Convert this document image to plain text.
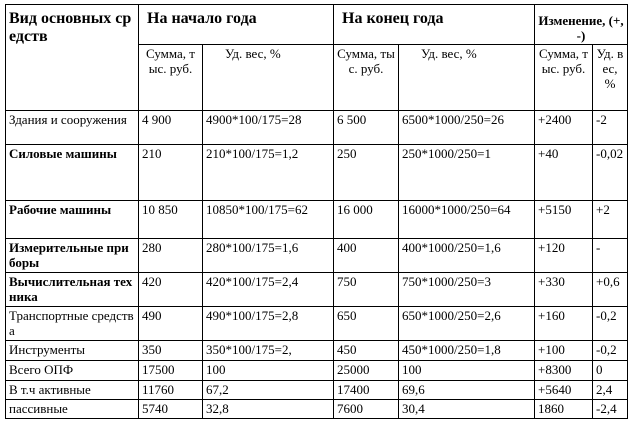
Вид основных средств	На начало года		На конец года		Изменение, (+,-)	
	Сумма, тыс. руб.	Уд. вес, %	Сумма, тыс. руб.	Уд. вес, %	Сумма, тыс. руб.	Уд. вес, %
Здания и сооружения	4 900	4900*100/175=28	6 500	6500*1000/250=26	+2400	-2
Силовые машины	210	210*100/175=1,2	250	250*1000/250=1	+40	-0,02
Рабочие машины	10 850	10850*100/175=62	16 000	16000*1000/250=64	+5150	+2
Измерительные приборы	280	280*100/175=1,6	400	400*1000/250=1,6	+120	-
Вычислительная техника	420	420*100/175=2,4	750	750*1000/250=3	+330	+0,6
Транспортные средства	490	490*100/175=2,8	650	650*1000/250=2,6	+160	-0,2
Инструменты	350	350*100/175=2,	450	450*1000/250=1,8	+100	-0,2
Всего ОПФ	17500	100	25000	100	+8300	0
В т.ч активные	11760	67,2	17400	69,6	+5640	2,4
пассивные	5740	32,8	7600	30,4	1860	-2,4
